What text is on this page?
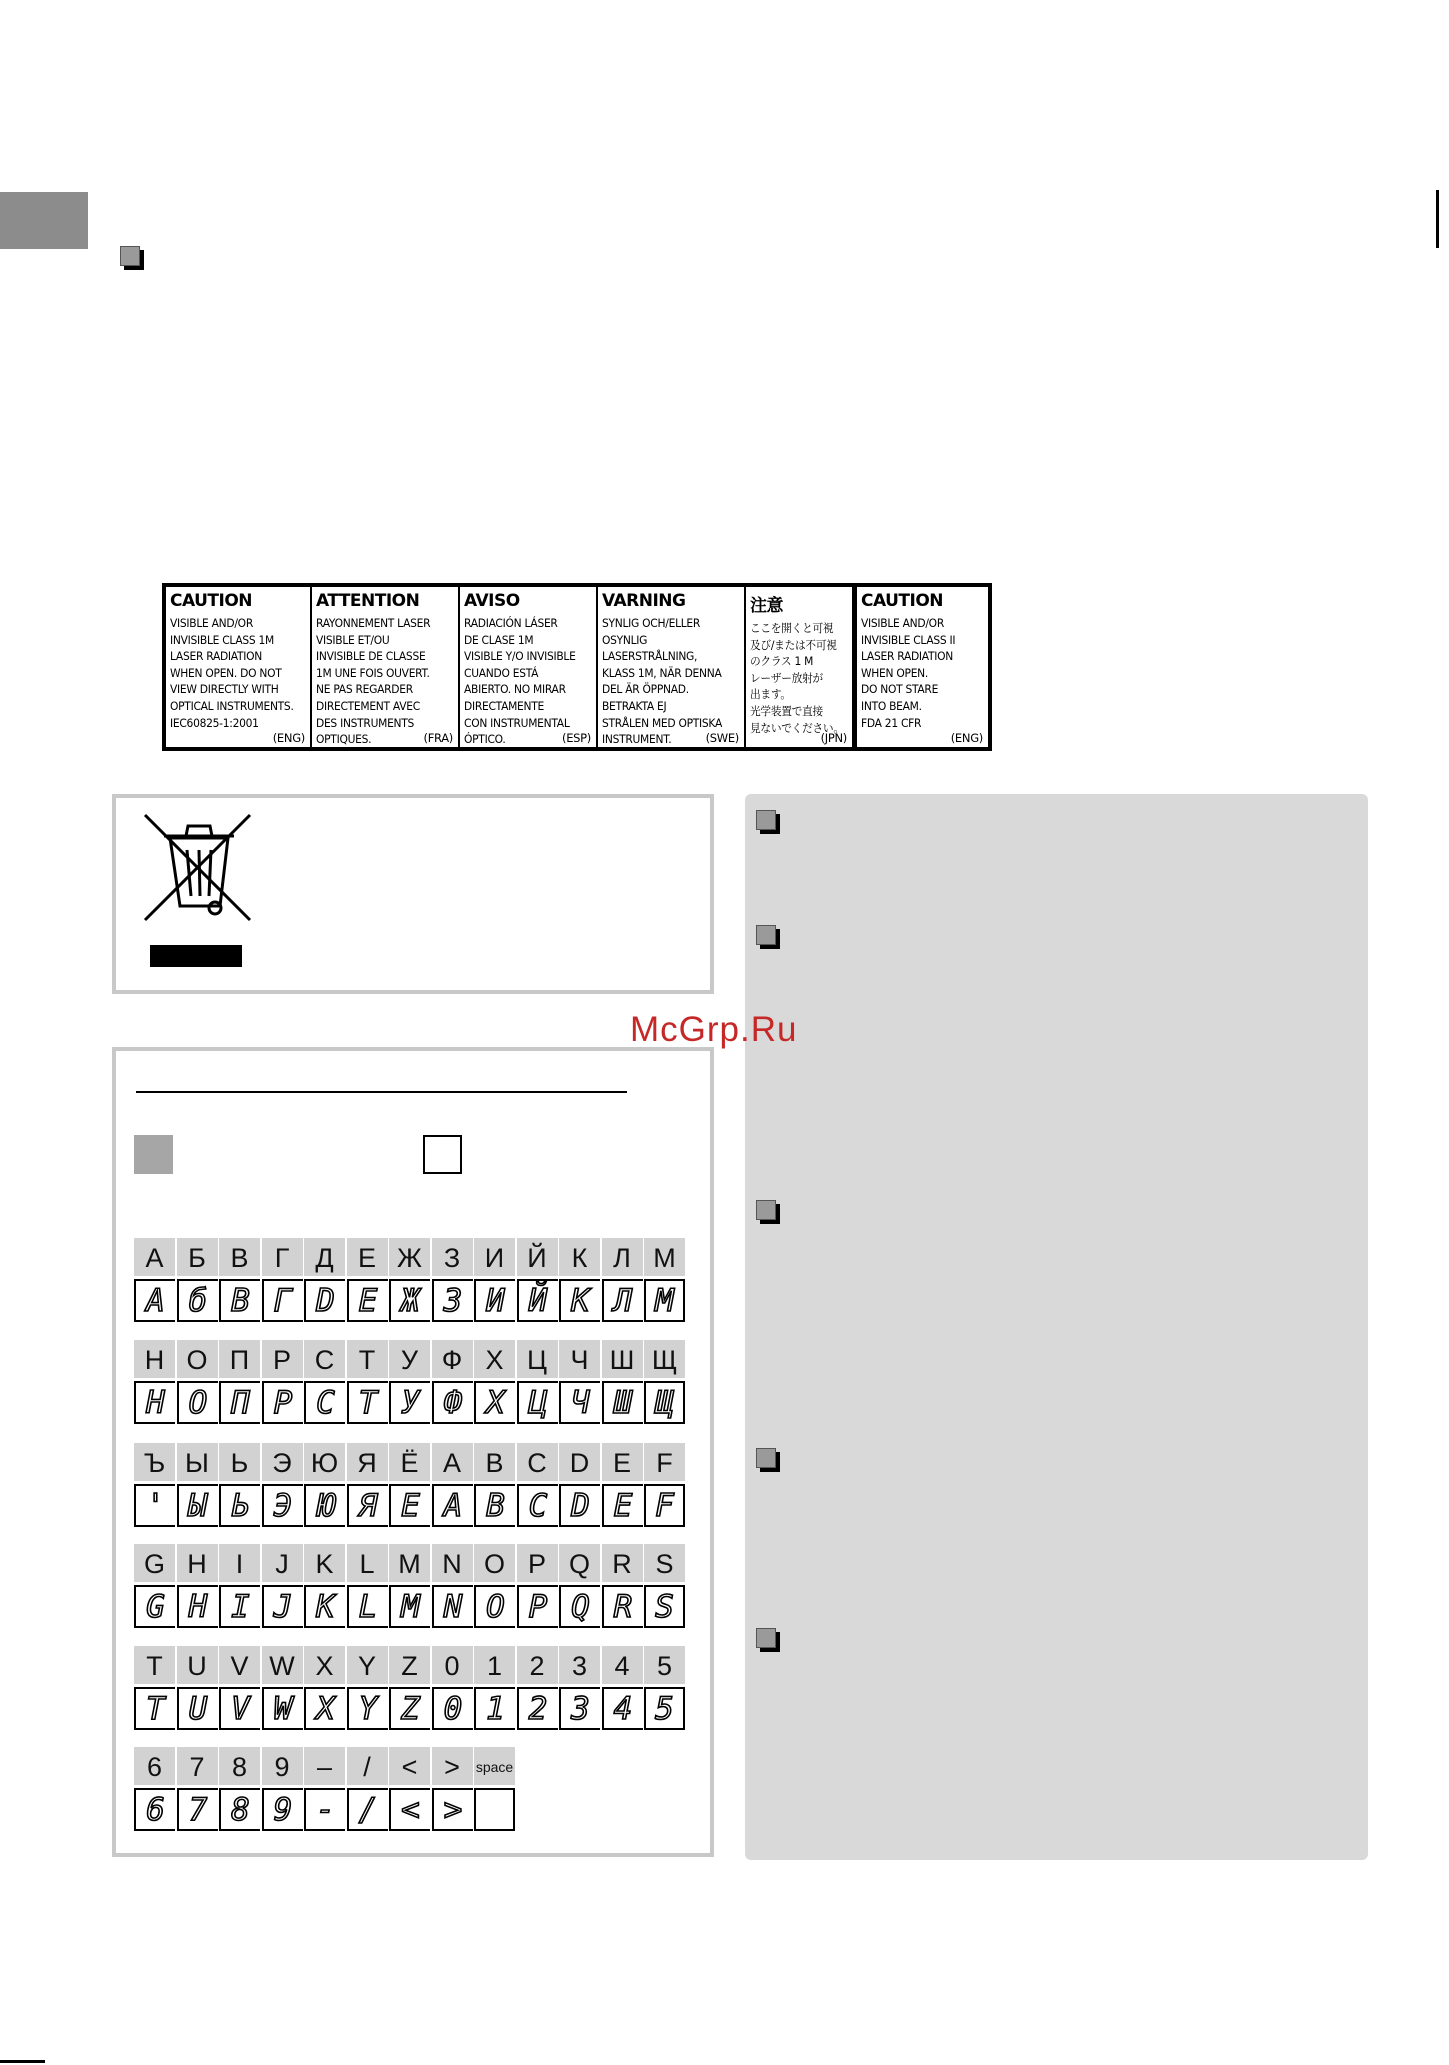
CAUTION
VISIBLE AND/OR
INVISIBLE CLASS 1M
LASER RADIATION
WHEN OPEN. DO NOT
VIEW DIRECTLY WITH
OPTICAL INSTRUMENTS.
IEC60825-1:2001
(ENG)
ATTENTION
RAYONNEMENT LASER
VISIBLE ET/OU
INVISIBLE DE CLASSE
1M UNE FOIS OUVERT.
NE PAS REGARDER
DIRECTEMENT AVEC
DES INSTRUMENTS
OPTIQUES.	(FRA)
AVISO
RADIACIÓN LÁSER
DE CLASE 1M
VISIBLE Y/O INVISIBLE
CUANDO ESTÁ
ABIERTO. NO MIRAR
DIRECTAMENTE
CON INSTRUMENTAL
ÓPTICO.	(ESP)
VARNING
SYNLIG OCH/ELLER
OSYNLIG
LASERSTRÅLNING,
KLASS 1M, NÄR DENNA
DEL ÄR ÖPPNAD.
BETRAKTA EJ
STRÅLEN MED OPTISKA
INSTRUMENT.	(SWE)
注意
ここを開くと可視
及び/または不可視
のクラス 1 M
レーザー放射が
出ます。
光学装置で直接
見ないでください。
(JPN)
CAUTION
VISIBLE AND/OR
INVISIBLE CLASS II
LASER RADIATION
WHEN OPEN.
DO NOT STARE
INTO BEAM.
FDA 21 CFR
(ENG)
А Б В Г Д Е Ж З И Й К Л М
A б B Г D E Ж З И Й K Л M
Н О П Р С Т У Ф Х Ц Ч Ш Щ
H O П P C T У Ф X Ц Ч Ш Щ
Ъ Ы Ь Э Ю Я Ё A B C D E F
' Ы Ь Э Ю Я E A B C D E F
G H	I	J K L M N O P Q R S
G H I J K L M N O P Q R S
T U V W X Y Z 0	1	2	3	4	5
T U V W X Y Z 0 1 2 3 4 5
6	7	8	9	–	/	< >	space
6 7 8 9 - / < >
McGrp.Ru
